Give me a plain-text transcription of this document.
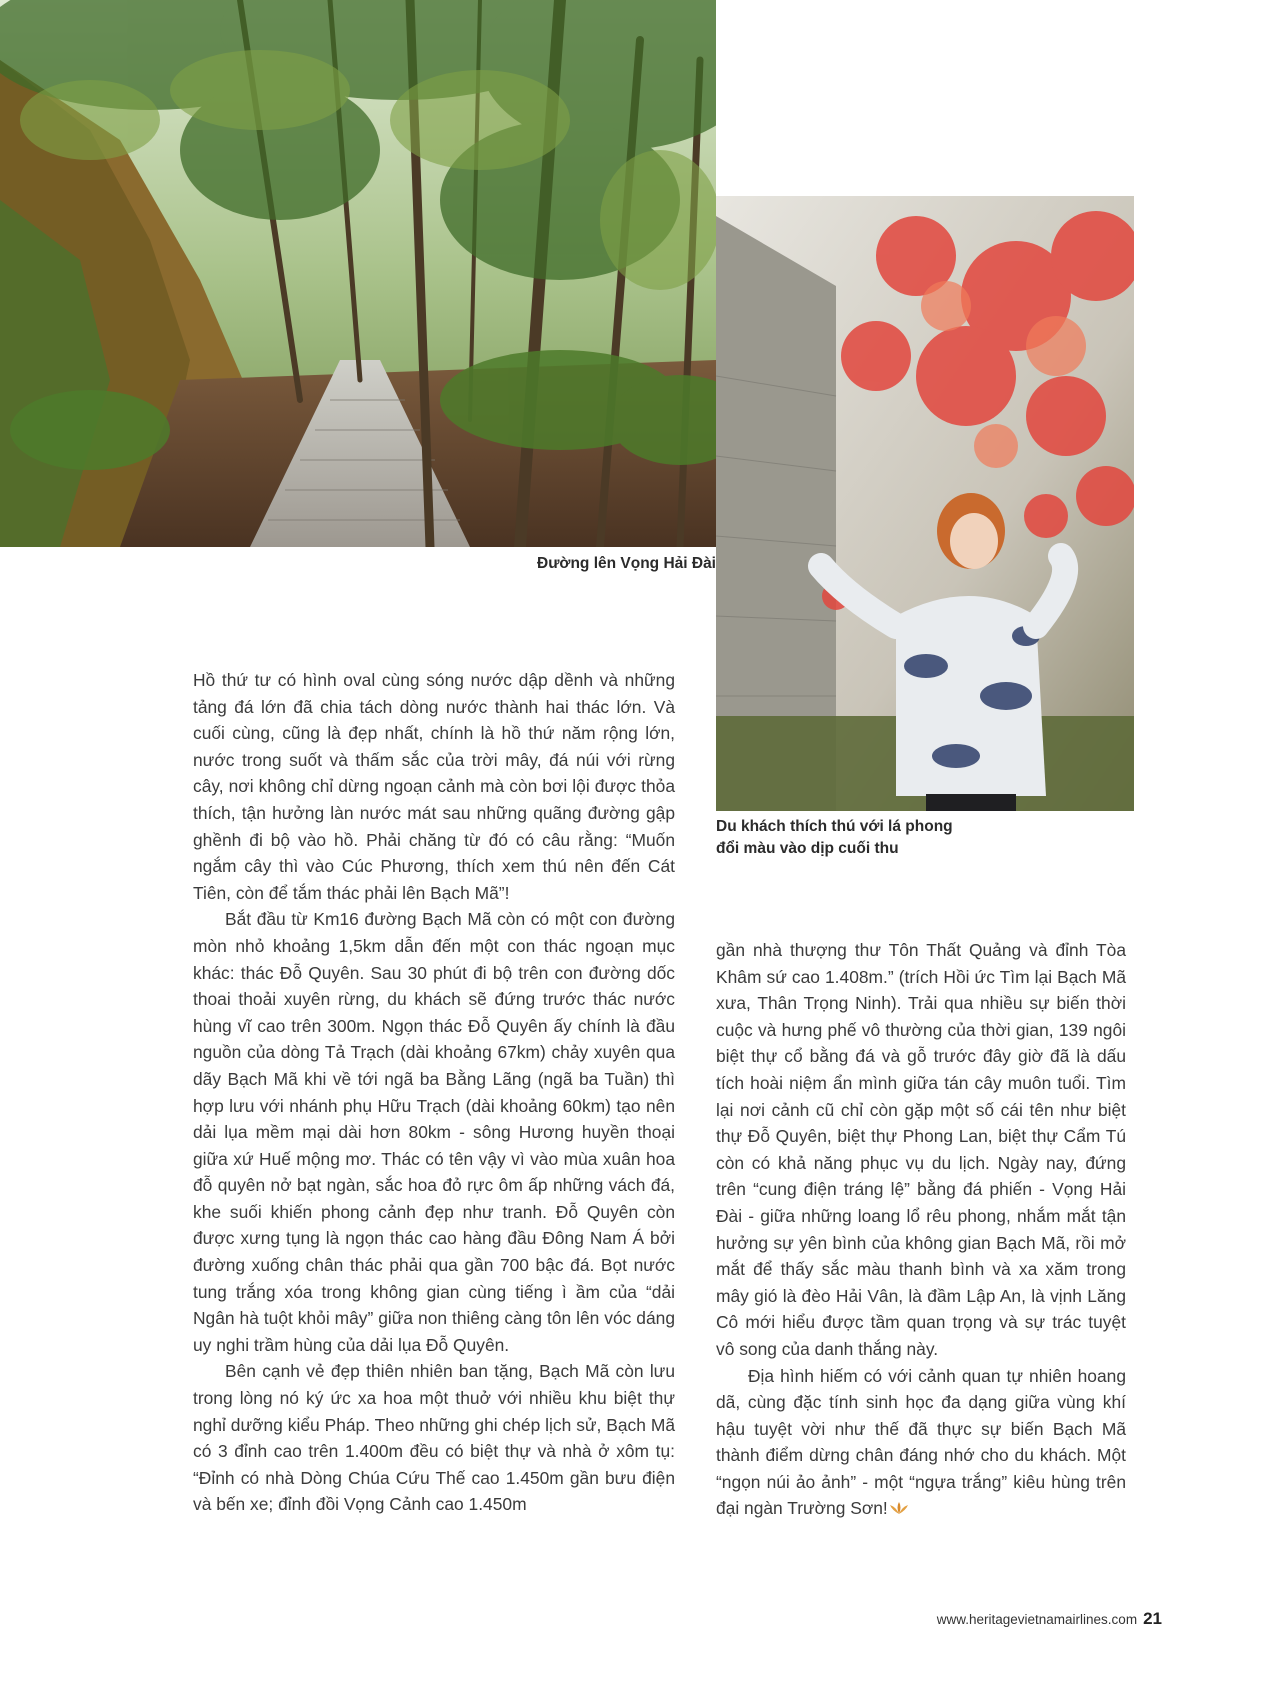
Đường lên Vọng Hải Đài
Du khách thích thú với lá phong
đổi màu vào dịp cuối thu

Hồ thứ tư có hình oval cùng sóng nước dập dềnh và những tảng đá lớn đã chia tách dòng nước thành hai thác lớn. Và cuối cùng, cũng là đẹp nhất, chính là hồ thứ năm rộng lớn, nước trong suốt và thấm sắc của trời mây, đá núi với rừng cây, nơi không chỉ dừng ngoạn cảnh mà còn bơi lội được thỏa thích, tận hưởng làn nước mát sau những quãng đường gập ghềnh đi bộ vào hồ. Phải chăng từ đó có câu rằng: “Muốn ngắm cây thì vào Cúc Phương, thích xem thú nên đến Cát Tiên, còn để tắm thác phải lên Bạch Mã”!

Bắt đầu từ Km16 đường Bạch Mã còn có một con đường mòn nhỏ khoảng 1,5km dẫn đến một con thác ngoạn mục khác: thác Đỗ Quyên. Sau 30 phút đi bộ trên con đường dốc thoai thoải xuyên rừng, du khách sẽ đứng trước thác nước hùng vĩ cao trên 300m. Ngọn thác Đỗ Quyên ấy chính là đầu nguồn của dòng Tả Trạch (dài khoảng 67km) chảy xuyên qua dãy Bạch Mã khi về tới ngã ba Bằng Lãng (ngã ba Tuần) thì hợp lưu với nhánh phụ Hữu Trạch (dài khoảng 60km) tạo nên dải lụa mềm mại dài hơn 80km - sông Hương huyền thoại giữa xứ Huế mộng mơ. Thác có tên vậy vì vào mùa xuân hoa đỗ quyên nở bạt ngàn, sắc hoa đỏ rực ôm ấp những vách đá, khe suối khiến phong cảnh đẹp như tranh. Đỗ Quyên còn được xưng tụng là ngọn thác cao hàng đầu Đông Nam Á bởi đường xuống chân thác phải qua gần 700 bậc đá. Bọt nước tung trắng xóa trong không gian cùng tiếng ì ầm của “dải Ngân hà tuột khỏi mây” giữa non thiêng càng tôn lên vóc dáng uy nghi trầm hùng của dải lụa Đỗ Quyên.

Bên cạnh vẻ đẹp thiên nhiên ban tặng, Bạch Mã còn lưu trong lòng nó ký ức xa hoa một thuở với nhiều khu biệt thự nghỉ dưỡng kiểu Pháp. Theo những ghi chép lịch sử, Bạch Mã có 3 đỉnh cao trên 1.400m đều có biệt thự và nhà ở xôm tụ: “Đỉnh có nhà Dòng Chúa Cứu Thế cao 1.450m gần bưu điện và bến xe; đỉnh đồi Vọng Cảnh cao 1.450m

gần nhà thượng thư Tôn Thất Quảng và đỉnh Tòa Khâm sứ cao 1.408m.” (trích Hồi ức Tìm lại Bạch Mã xưa, Thân Trọng Ninh). Trải qua nhiều sự biến thời cuộc và hưng phế vô thường của thời gian, 139 ngôi biệt thự cổ bằng đá và gỗ trước đây giờ đã là dấu tích hoài niệm ẩn mình giữa tán cây muôn tuổi. Tìm lại nơi cảnh cũ chỉ còn gặp một số cái tên như biệt thự Đỗ Quyên, biệt thự Phong Lan, biệt thự Cẩm Tú còn có khả năng phục vụ du lịch. Ngày nay, đứng trên “cung điện tráng lệ” bằng đá phiến - Vọng Hải Đài - giữa những loang lổ rêu phong, nhắm mắt tận hưởng sự yên bình của không gian Bạch Mã, rồi mở mắt để thấy sắc màu thanh bình và xa xăm trong mây gió là đèo Hải Vân, là đầm Lập An, là vịnh Lăng Cô mới hiểu được tầm quan trọng và sự trác tuyệt vô song của danh thắng này.

Địa hình hiếm có với cảnh quan tự nhiên hoang dã, cùng đặc tính sinh học đa dạng giữa vùng khí hậu tuyệt vời như thế đã thực sự biến Bạch Mã thành điểm dừng chân đáng nhớ cho du khách. Một “ngọn núi ảo ảnh” - một “ngựa trắng” kiêu hùng trên đại ngàn Trường Sơn!

www.heritagevietnamairlines.com 21
